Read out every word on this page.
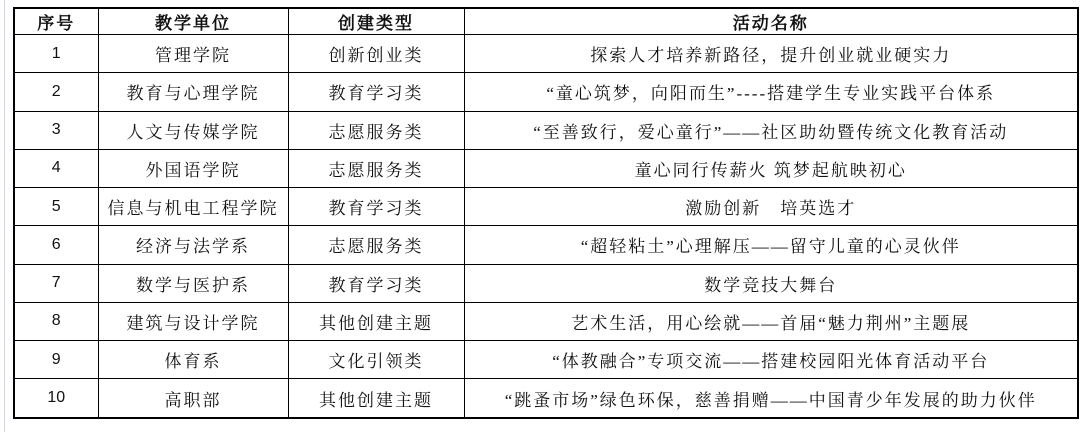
序号	教学单位	创建类型	活动名称
1	管理学院	创新创业类	探索人才培养新路径，提升创业就业硬实力
2	教育与心理学院	教育学习类	“童心筑梦，向阳而生”----搭建学生专业实践平台体系
3	人文与传媒学院	志愿服务类	“至善致行，爱心童行”——社区助幼暨传统文化教育活动
4	外国语学院	志愿服务类	童心同行传薪火 筑梦起航映初心
5	信息与机电工程学院	教育学习类	激励创新　培英选才
6	经济与法学系	志愿服务类	“超轻粘土”心理解压——留守儿童的心灵伙伴
7	数学与医护系	教育学习类	数学竞技大舞台
8	建筑与设计学院	其他创建主题	艺术生活，用心绘就——首届“魅力荆州”主题展
9	体育系	文化引领类	“体教融合”专项交流——搭建校园阳光体育活动平台
10	高职部	其他创建主题	“跳蚤市场”绿色环保，慈善捐赠——中国青少年发展的助力伙伴
